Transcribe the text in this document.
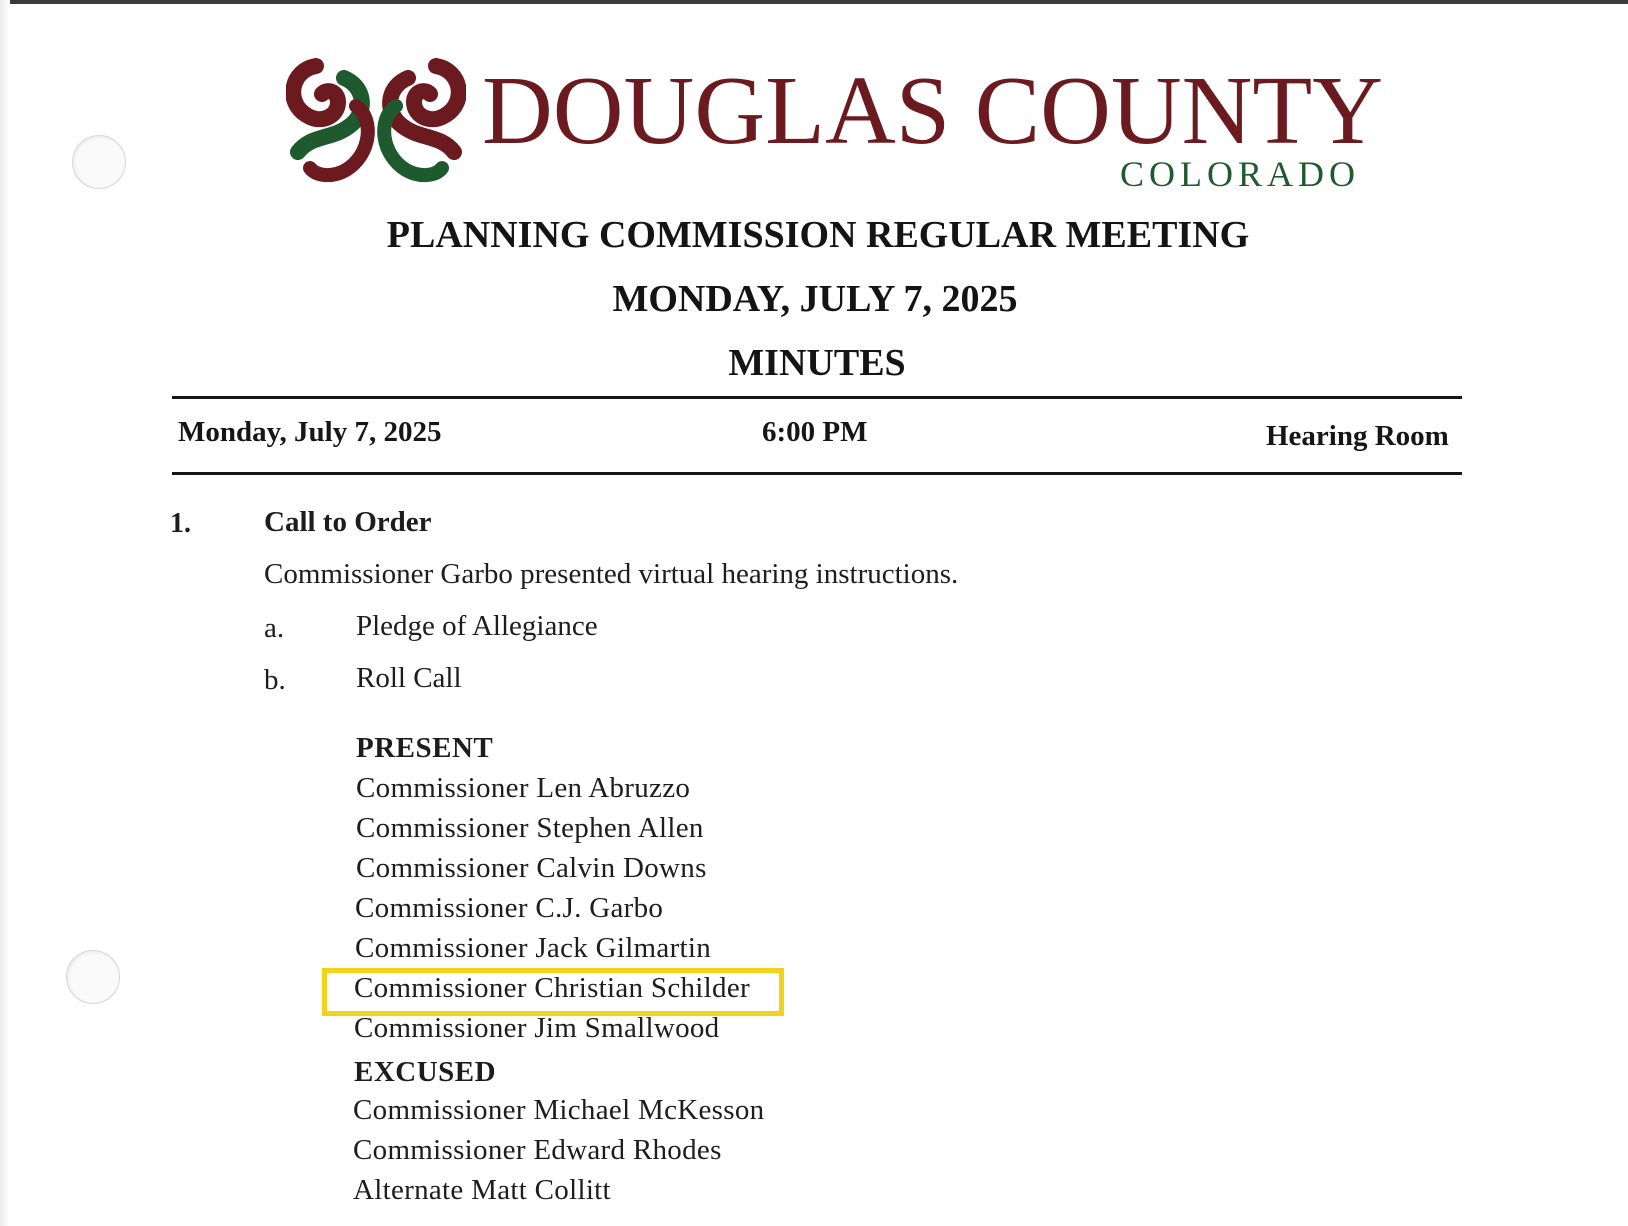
DOUGLAS COUNTY
COLORADO
PLANNING COMMISSION REGULAR MEETING
MONDAY, JULY 7, 2025
MINUTES
Monday, July 7, 2025	6:00 PM	Hearing Room
1.	Call to Order
Commissioner Garbo presented virtual hearing instructions.
a. Pledge of Allegiance
b. Roll Call
PRESENT
Commissioner Len Abruzzo
Commissioner Stephen Allen
Commissioner Calvin Downs
Commissioner C.J. Garbo
Commissioner Jack Gilmartin
Commissioner Christian Schilder
Commissioner Jim Smallwood
EXCUSED
Commissioner Michael McKesson
Commissioner Edward Rhodes
Alternate Matt Collitt
